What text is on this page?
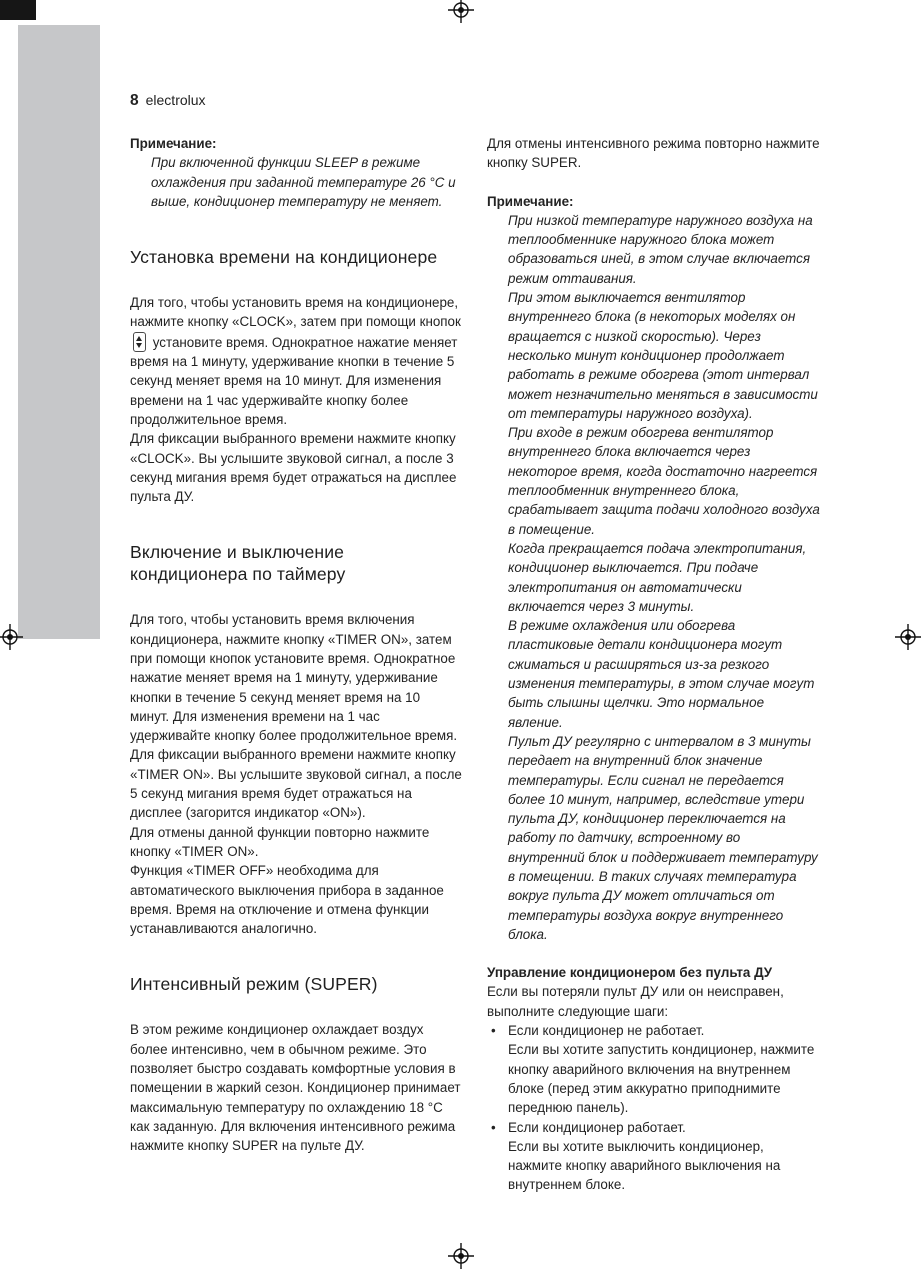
8 electrolux

Примечание:

При включенной функции SLEEP в режиме охлаждения при заданной температуре 26 °C и выше, кондиционер температуру не меняет.

Установка времени на кондиционере

Для того, чтобы установить время на кондиционере, нажмите кнопку «CLOCK», затем при помощи кнопок
установите время. Однократное нажатие меняет время на 1 минуту, удерживание кнопки в течение 5 секунд меняет время на 10 минут. Для изменения времени на 1 час удерживайте кнопку более продолжительное время.

Для фиксации выбранного времени нажмите кнопку «CLOCK». Вы услышите звуковой сигнал, а после 3 секунд мигания время будет отражаться на дисплее пульта ДУ.

Включение и выключение кондиционера по таймеру

Для того, чтобы установить время включения кондиционера, нажмите кнопку «TIMER ON», затем при помощи кнопок установите время. Однократное нажатие меняет время на 1 минуту, удерживание кнопки в течение 5 секунд меняет время на 10 минут. Для изменения времени на 1 час удерживайте кнопку более продолжительное время.

Для фиксации выбранного времени нажмите кнопку «TIMER ON». Вы услышите звуковой сигнал, а после 5 секунд мигания время будет отражаться на дисплее (загорится индикатор «ON»).

Для отмены данной функции повторно нажмите кнопку «TIMER ON».

Функция «TIMER OFF» необходима для автоматического выключения прибора в заданное время. Время на отключение и отмена функции устанавливаются аналогично.

Интенсивный режим (SUPER)

В этом режиме кондиционер охлаждает воздух более интенсивно, чем в обычном режиме. Это позволяет быстро создавать комфортные условия в помещении в жаркий сезон. Кондиционер принимает максимальную температуру по охлаждению 18 °C как заданную. Для включения интенсивного режима нажмите кнопку SUPER на пульте ДУ.

Для отмены интенсивного режима повторно нажмите кнопку SUPER.

Примечание:

При низкой температуре наружного воздуха на теплообменнике наружного блока может образоваться иней, в этом случае включается режим оттаивания.

При этом выключается вентилятор внутреннего блока (в некоторых моделях он вращается с низкой скоростью). Через несколько минут кондиционер продолжает работать в режиме обогрева (этот интервал может незначительно меняться в зависимости от температуры наружного воздуха).

При входе в режим обогрева вентилятор внутреннего блока включается через некоторое время, когда достаточно нагреется теплообменник внутреннего блока, срабатывает защита подачи холодного воздуха в помещение.

Когда прекращается подача электропитания, кондиционер выключается. При подаче электропитания он автоматически включается через 3 минуты.

В режиме охлаждения или обогрева пластиковые детали кондиционера могут сжиматься и расширяться из-за резкого изменения температуры, в этом случае могут быть слышны щелчки. Это нормальное явление.

Пульт ДУ регулярно с интервалом в 3 минуты передает на внутренний блок значение температуры. Если сигнал не передается более 10 минут, например, вследствие утери пульта ДУ, кондиционер переключается на работу по датчику, встроенному во внутренний блок и поддерживает температуру в помещении. В таких случаях температура вокруг пульта ДУ может отличаться от температуры воздуха вокруг внутреннего блока.

Управление кондиционером без пульта ДУ

Если вы потеряли пульт ДУ или он неисправен, выполните следующие шаги:

• Если кондиционер не работает.

Если вы хотите запустить кондиционер, нажмите кнопку аварийного включения на внутреннем блоке (перед этим аккуратно приподнимите переднюю панель).

• Если кондиционер работает.

Если вы хотите выключить кондиционер, нажмите кнопку аварийного выключения на внутреннем блоке.
